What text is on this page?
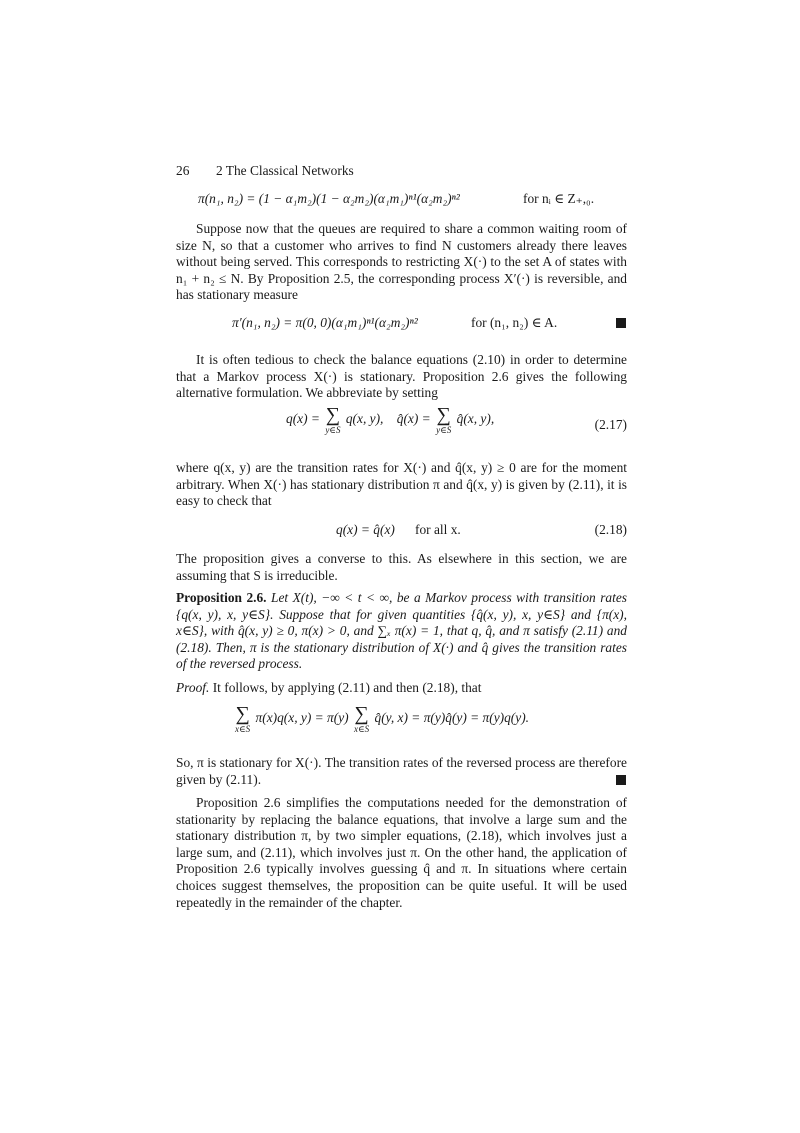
26 2 The Classical Networks
π(n₁, n₂) = (1 − α₁m₂)(1 − α₂m₂)(α₁m₁)ⁿ¹(α₂m₂)ⁿ²	for nᵢ ∈ Z₊,₀.
Suppose now that the queues are required to share a common waiting room of size N, so that a customer who arrives to find N customers already there leaves without being served. This corresponds to restricting X(·) to the set A of states with n₁ + n₂ ≤ N. By Proposition 2.5, the corresponding process X′(·) is reversible, and has stationary measure
π′(n₁, n₂) = π(0, 0)(α₁m₁)ⁿ¹(α₂m₂)ⁿ²	for (n₁, n₂) ∈ A.
It is often tedious to check the balance equations (2.10) in order to determine that a Markov process X(·) is stationary. Proposition 2.6 gives the following alternative formulation. We abbreviate by setting
q(x) = ∑
y∈S
q(x, y), q̂(x) = ∑
y∈S
q̂(x, y),	(2.17)
where q(x, y) are the transition rates for X(·) and q̂(x, y) ≥ 0 are for the moment arbitrary. When X(·) has stationary distribution π and q̂(x, y) is given by (2.11), it is easy to check that
q(x) = q̂(x) for all x.	(2.18)
The proposition gives a converse to this. As elsewhere in this section, we are assuming that S is irreducible.
Proposition 2.6. Let X(t), −∞ < t < ∞, be a Markov process with transition rates {q(x, y), x, y∈S}. Suppose that for given quantities {q̂(x, y), x, y∈S} and {π(x), x∈S}, with q̂(x, y) ≥ 0, π(x) > 0, and ∑ₓ π(x) = 1, that q, q̂, and π satisfy (2.11) and (2.18). Then, π is the stationary distribution of X(·) and q̂ gives the transition rates of the reversed process.
Proof. It follows, by applying (2.11) and then (2.18), that
∑
x∈S
π(x)q(x, y) = π(y) ∑
x∈S
q̂(y, x) = π(y)q̂(y) = π(y)q(y).
So, π is stationary for X(·). The transition rates of the reversed process are therefore given by (2.11).
Proposition 2.6 simplifies the computations needed for the demonstration of stationarity by replacing the balance equations, that involve a large sum and the stationary distribution π, by two simpler equations, (2.18), which involves just a large sum, and (2.11), which involves just π. On the other hand, the application of Proposition 2.6 typically involves guessing q̂ and π. In situations where certain choices suggest themselves, the proposition can be quite useful. It will be used repeatedly in the remainder of the chapter.
